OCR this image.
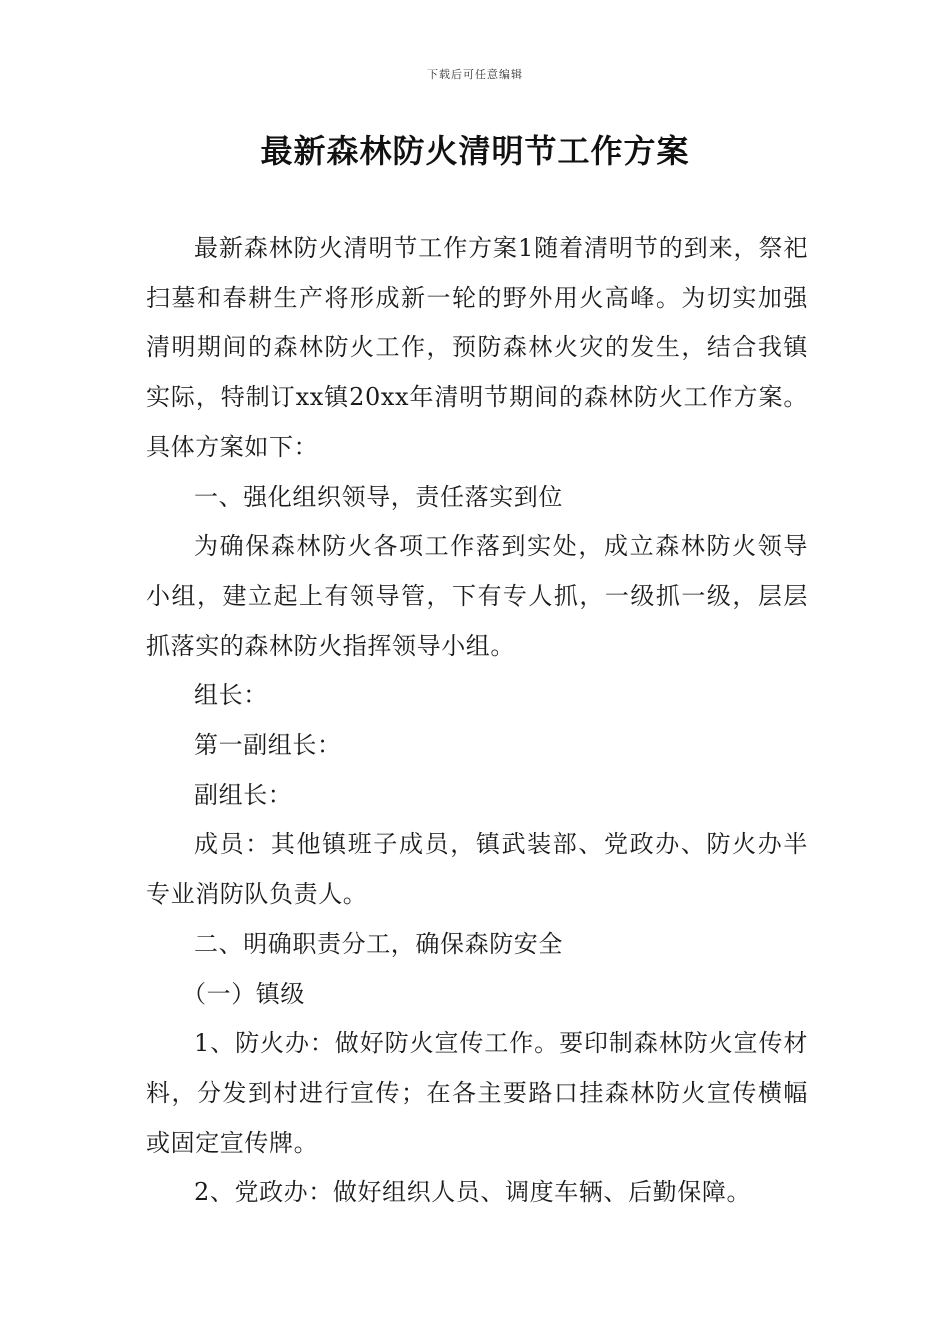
下载后可任意编辑
最新森林防火清明节工作方案

最新森林防火清明节工作方案1随着清明节的到来，祭祀扫墓和春耕生产将形成新一轮的野外用火高峰。为切实加强清明期间的森林防火工作，预防森林火灾的发生，结合我镇实际，特制订xx镇20xx年清明节期间的森林防火工作方案。具体方案如下：

一、强化组织领导，责任落实到位

为确保森林防火各项工作落到实处，成立森林防火领导小组，建立起上有领导管，下有专人抓，一级抓一级，层层抓落实的森林防火指挥领导小组。

组长：

第一副组长：

副组长：

成员：其他镇班子成员，镇武装部、党政办、防火办半专业消防队负责人。

二、明确职责分工，确保森防安全

（一）镇级

1、防火办：做好防火宣传工作。要印制森林防火宣传材料，分发到村进行宣传；在各主要路口挂森林防火宣传横幅或固定宣传牌。

2、党政办：做好组织人员、调度车辆、后勤保障。
